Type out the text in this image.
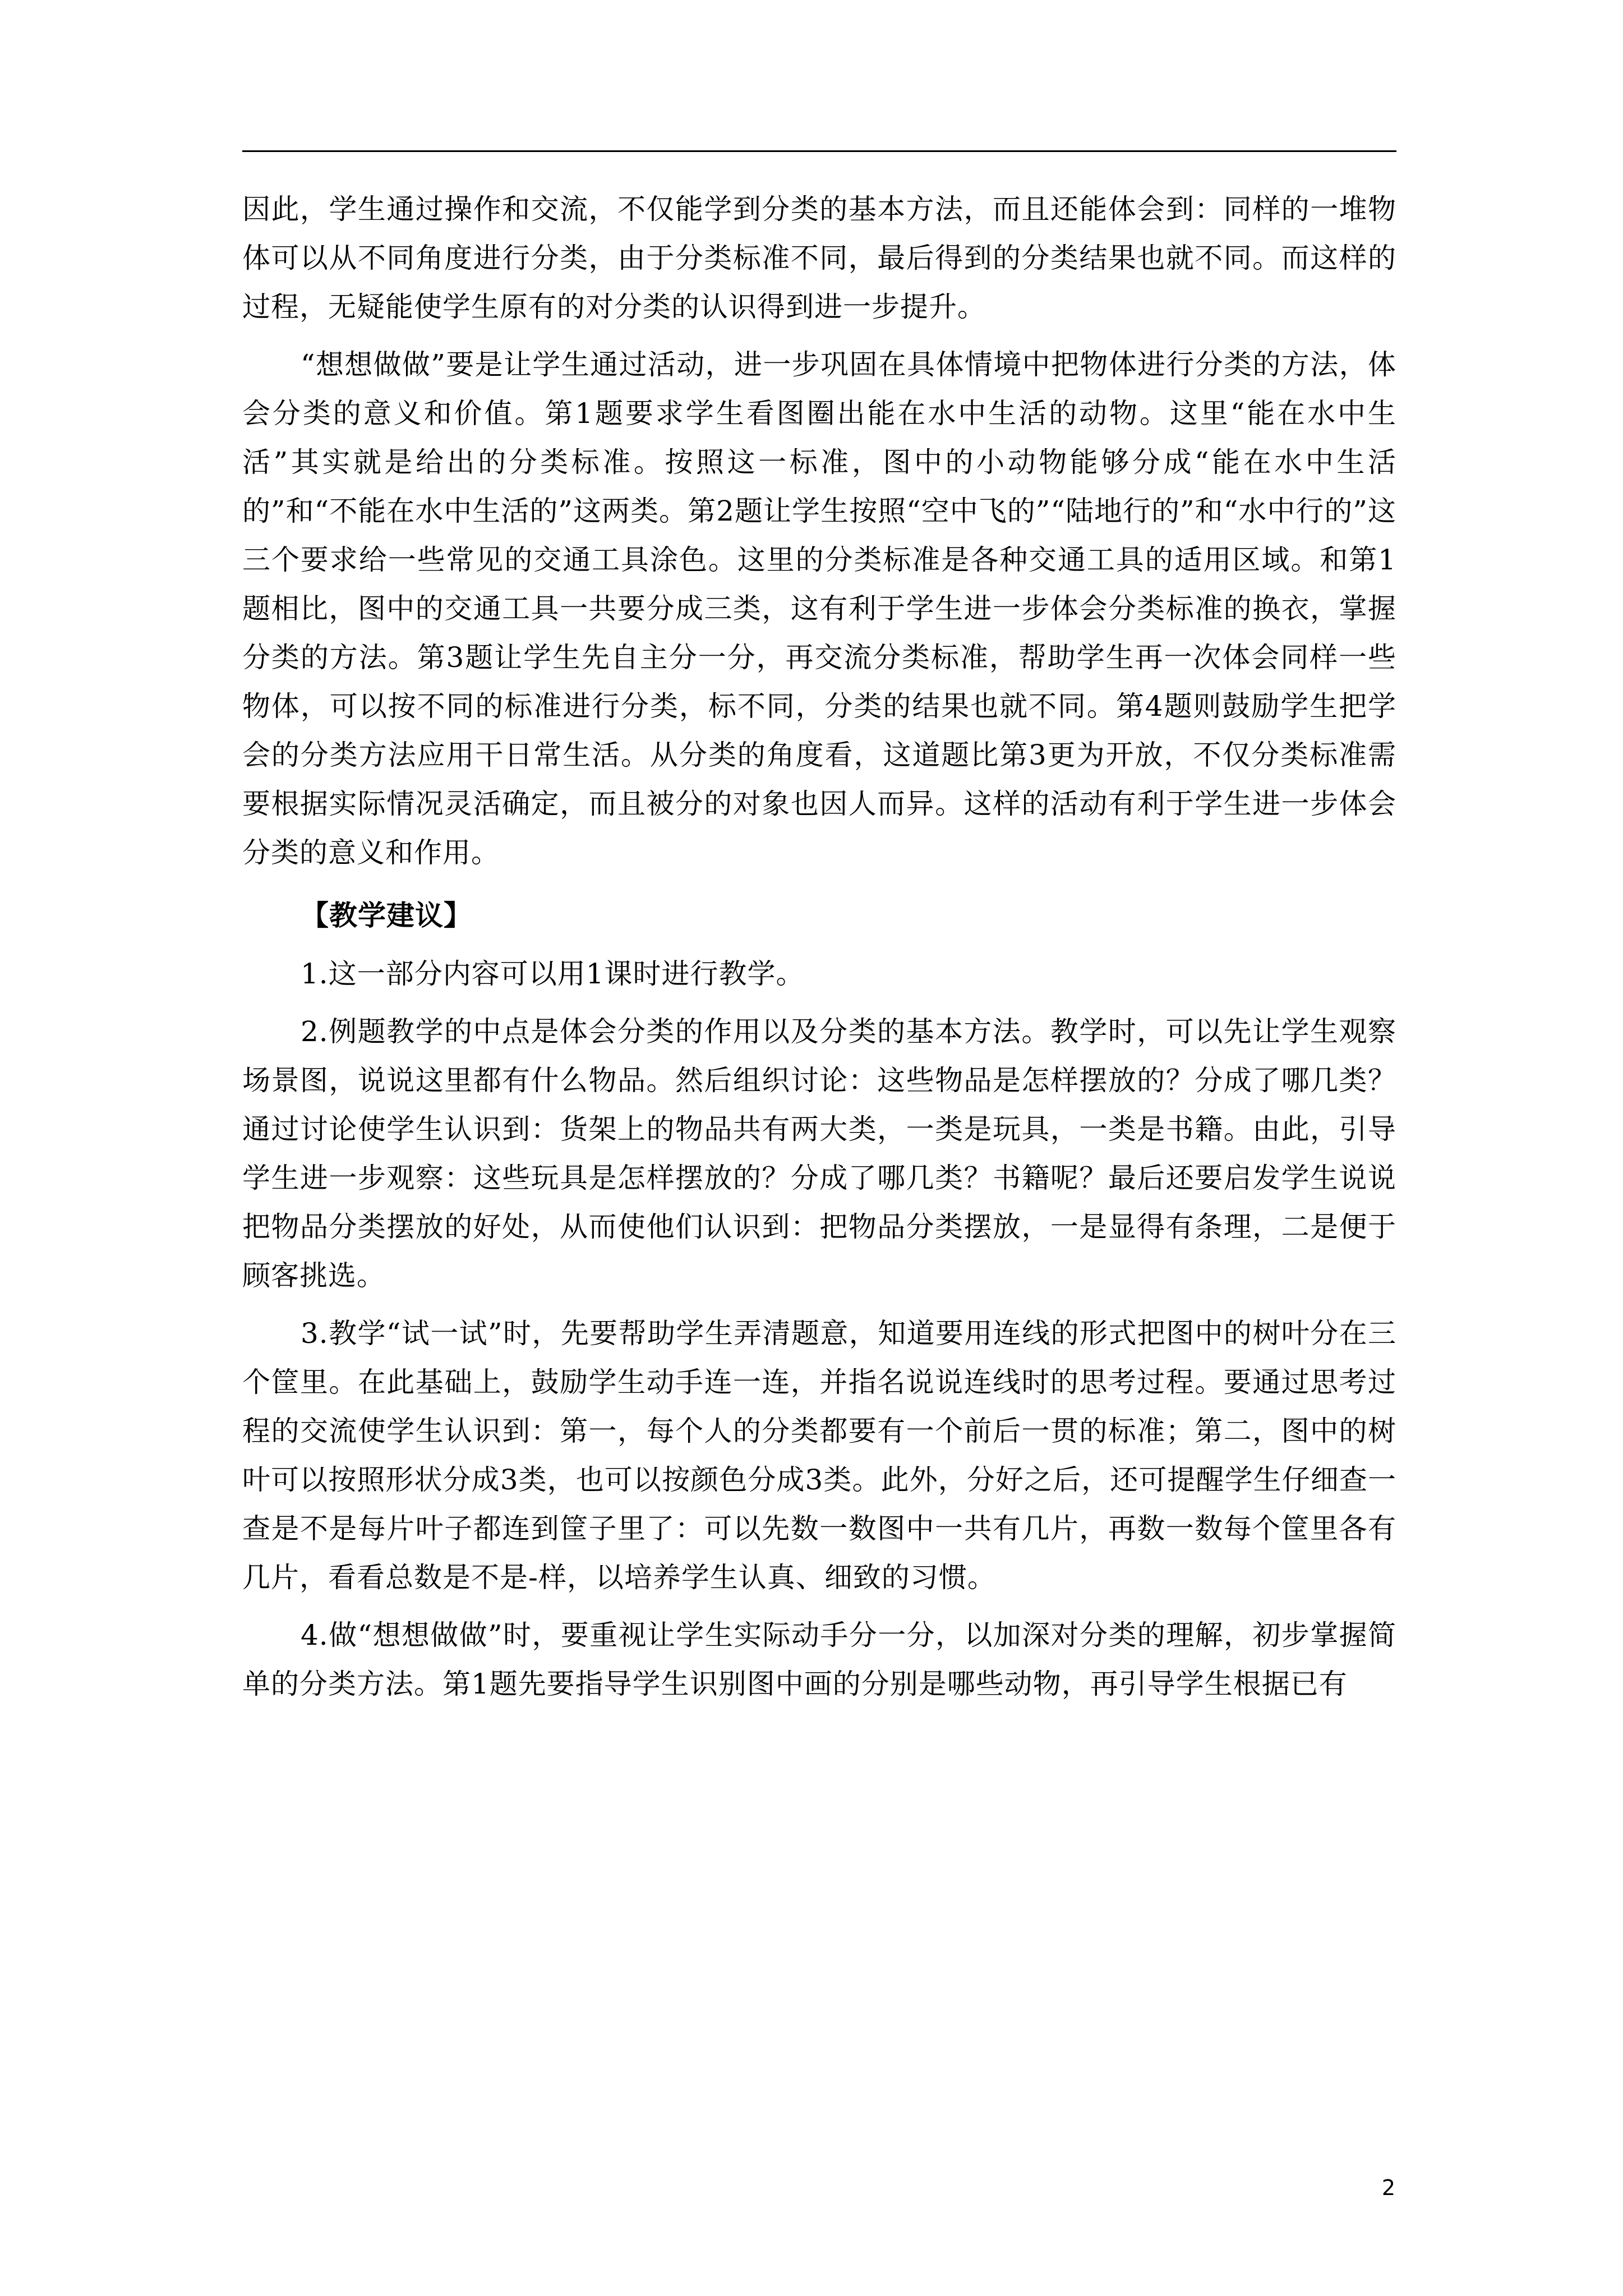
因此，学生通过操作和交流，不仅能学到分类的基本方法，而且还能体会到：同样的一堆物体可以从不同角度进行分类，由于分类标准不同，最后得到的分类结果也就不同。而这样的过程，无疑能使学生原有的对分类的认识得到进一步提升。

“想想做做”要是让学生通过活动，进一步巩固在具体情境中把物体进行分类的方法，体会分类的意义和价值。第1题要求学生看图圈出能在水中生活的动物。这里“能在水中生活”其实就是给出的分类标准。按照这一标准，图中的小动物能够分成“能在水中生活的”和“不能在水中生活的”这两类。第2题让学生按照“空中飞的”“陆地行的”和“水中行的”这三个要求给一些常见的交通工具涂色。这里的分类标准是各种交通工具的适用区域。和第1题相比，图中的交通工具一共要分成三类，这有利于学生进一步体会分类标准的换衣，掌握分类的方法。第3题让学生先自主分一分，再交流分类标准，帮助学生再一次体会同样一些物体，可以按不同的标准进行分类，标不同，分类的结果也就不同。第4题则鼓励学生把学会的分类方法应用干日常生活。从分类的角度看，这道题比第3更为开放，不仅分类标准需要根据实际情况灵活确定，而且被分的对象也因人而异。这样的活动有利于学生进一步体会分类的意义和作用。

【教学建议】

1.这一部分内容可以用1课时进行教学。

2.例题教学的中点是体会分类的作用以及分类的基本方法。教学时，可以先让学生观察场景图，说说这里都有什么物品。然后组织讨论：这些物品是怎样摆放的？分成了哪几类？通过讨论使学生认识到：货架上的物品共有两大类，一类是玩具，一类是书籍。由此，引导学生进一步观察：这些玩具是怎样摆放的？分成了哪几类？书籍呢？最后还要启发学生说说把物品分类摆放的好处，从而使他们认识到：把物品分类摆放，一是显得有条理，二是便于顾客挑选。

3.教学“试一试”时，先要帮助学生弄清题意，知道要用连线的形式把图中的树叶分在三个筐里。在此基础上，鼓励学生动手连一连，并指名说说连线时的思考过程。要通过思考过程的交流使学生认识到：第一，每个人的分类都要有一个前后一贯的标准；第二，图中的树叶可以按照形状分成3类，也可以按颜色分成3类。此外，分好之后，还可提醒学生仔细查一查是不是每片叶子都连到筐子里了：可以先数一数图中一共有几片，再数一数每个筐里各有几片，看看总数是不是-样，以培养学生认真、细致的习惯。

4.做“想想做做”时，要重视让学生实际动手分一分，以加深对分类的理解，初步掌握简单的分类方法。第1题先要指导学生识别图中画的分别是哪些动物，再引导学生根据已有

2
